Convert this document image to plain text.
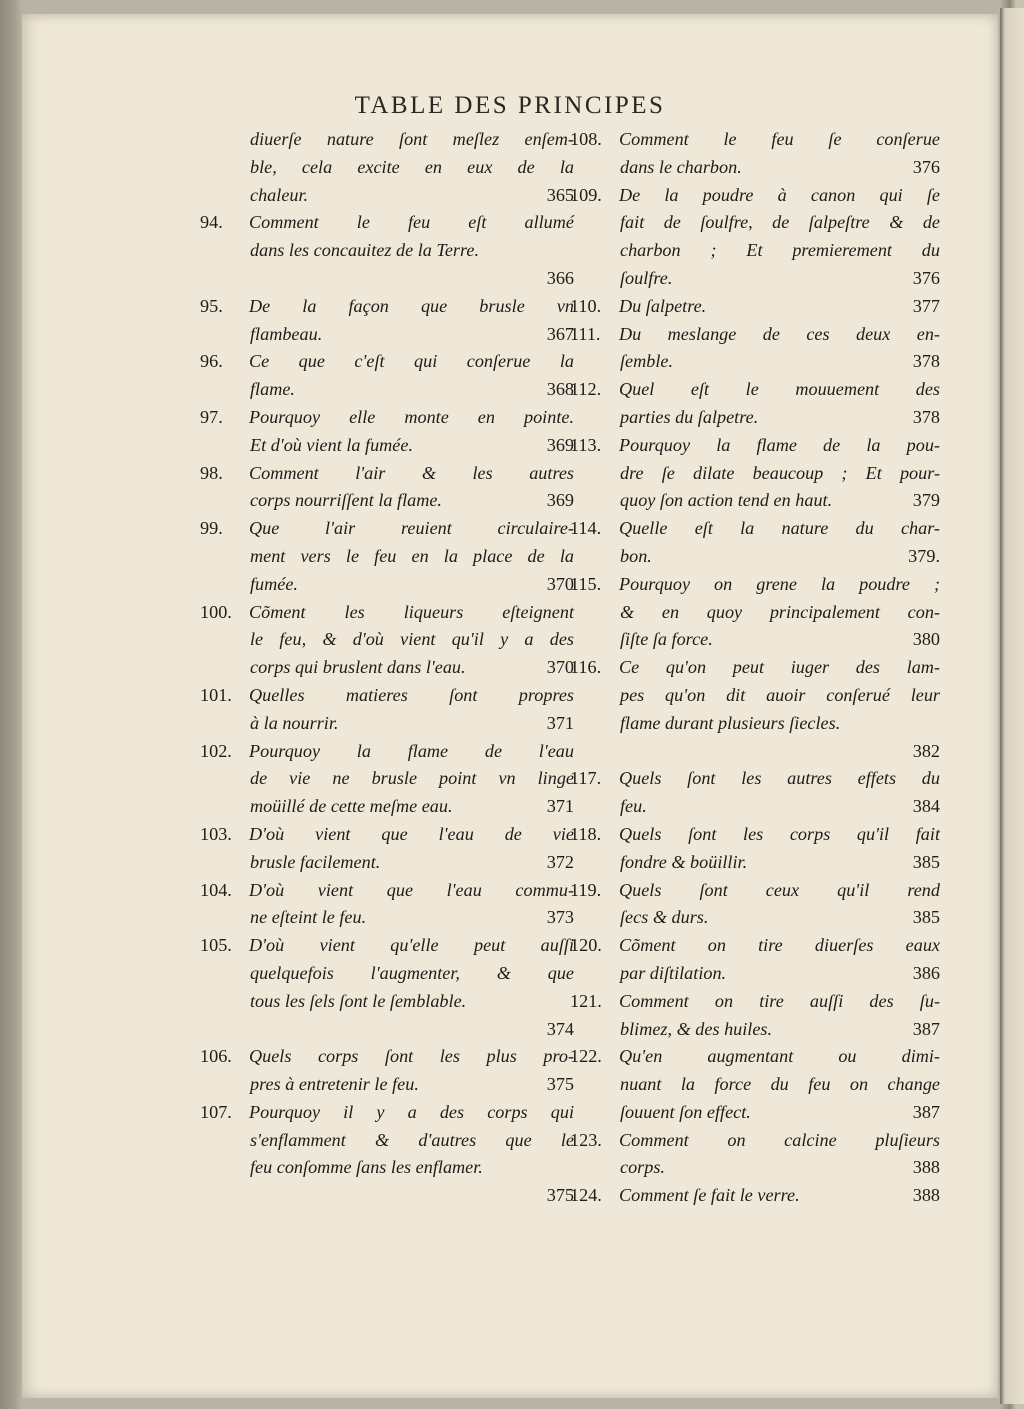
TABLE DES PRINCIPES
diuerſe nature ſont meſlez enſem-
ble, cela excite en eux de la
chaleur.	365
94.	Comment le feu eſt allumé
dans les concauitez de la Terre.
366
95.	De la façon que brusle vn
flambeau.	367
96.	Ce que c'eſt qui conſerue la
flame.	368
97.	Pourquoy elle monte en pointe.
Et d'où vient la fumée.	369
98.	Comment l'air & les autres
corps nourriſſent la flame.	369
99.	Que l'air reuient circulaire-
ment vers le feu en la place de la
fumée.	370
100. Cõment les liqueurs eſteignent
le feu, & d'où vient qu'il y a des
corps qui bruslent dans l'eau.	370
101. Quelles matieres ſont propres
à la nourrir.	371
102. Pourquoy la flame de l'eau
de vie ne brusle point vn linge
moüillé de cette meſme eau.	371
103. D'où vient que l'eau de vie
brusle facilement.	372
104. D'où vient que l'eau commu-
ne eſteint le feu.	373
105. D'où vient qu'elle peut auſſi
quelquefois l'augmenter, & que
tous les ſels ſont le ſemblable.
374
106. Quels corps ſont les plus pro-
pres à entretenir le feu.	375
107. Pourquoy il y a des corps qui
s'enflamment & d'autres que le
feu conſomme ſans les enflamer.
375
108. Comment le feu ſe conſerue
dans le charbon.	376
109. De la poudre à canon qui ſe
fait de ſoulfre, de ſalpeſtre & de
charbon ; Et premierement du
ſoulfre.	376
110. Du ſalpetre.	377
111.	Du meslange de ces deux en-
ſemble.	378
112. Quel eſt le mouuement des
parties du ſalpetre.	378
113. Pourquoy la flame de la pou-
dre ſe dilate beaucoup ; Et pour-
quoy ſon action tend en haut.	379
114. Quelle eſt la nature du char-
bon.	379.
115. Pourquoy on grene la poudre ;
& en quoy principalement con-
ſiſte ſa force.	380
116. Ce qu'on peut iuger des lam-
pes qu'on dit auoir conſerué leur
flame durant plusieurs ſiecles.
382
117. Quels ſont les autres effets du
feu.	384
118. Quels ſont les corps qu'il fait
fondre & boüillir.	385
119. Quels ſont ceux qu'il rend
ſecs & durs.	385
120. Cõment on tire diuerſes eaux
par diſtilation.	386
121. Comment on tire auſſi des ſu-
blimez, & des huiles.	387
122. Qu'en augmentant ou dimi-
nuant la force du feu on change
ſouuent ſon effect.	387
123. Comment on calcine pluſieurs
corps.	388
124. Comment ſe fait le verre.	388
